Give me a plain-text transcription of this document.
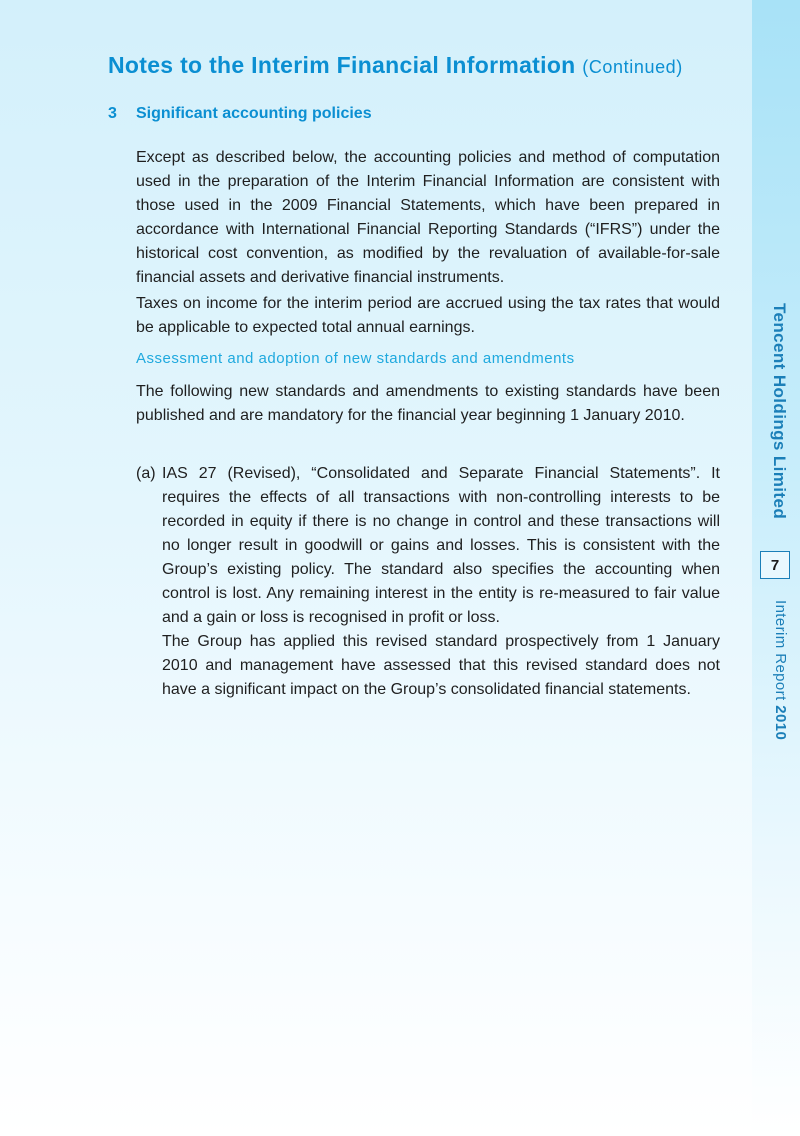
Notes to the Interim Financial Information (Continued)
3 Significant accounting policies

Except as described below, the accounting policies and method of computation used in the preparation of the Interim Financial Information are consistent with those used in the 2009 Financial Statements, which have been prepared in accordance with International Financial Reporting Standards (“IFRS”) under the historical cost convention, as modified by the revaluation of available-for-sale financial assets and derivative financial instruments.

Taxes on income for the interim period are accrued using the tax rates that would be applicable to expected total annual earnings.

Assessment and adoption of new standards and amendments

The following new standards and amendments to existing standards have been published and are mandatory for the financial year beginning 1 January 2010.

(a) IAS 27 (Revised), “Consolidated and Separate Financial Statements”. It requires the effects of all transactions with non-controlling interests to be recorded in equity if there is no change in control and these transactions will no longer result in goodwill or gains and losses. This is consistent with the Group’s existing policy. The standard also specifies the accounting when control is lost. Any remaining interest in the entity is re-measured to fair value and a gain or loss is recognised in profit or loss.

The Group has applied this revised standard prospectively from 1 January 2010 and management have assessed that this revised standard does not have a significant impact on the Group’s consolidated financial statements.

Tencent Holdings Limited
7
Interim Report 2010
